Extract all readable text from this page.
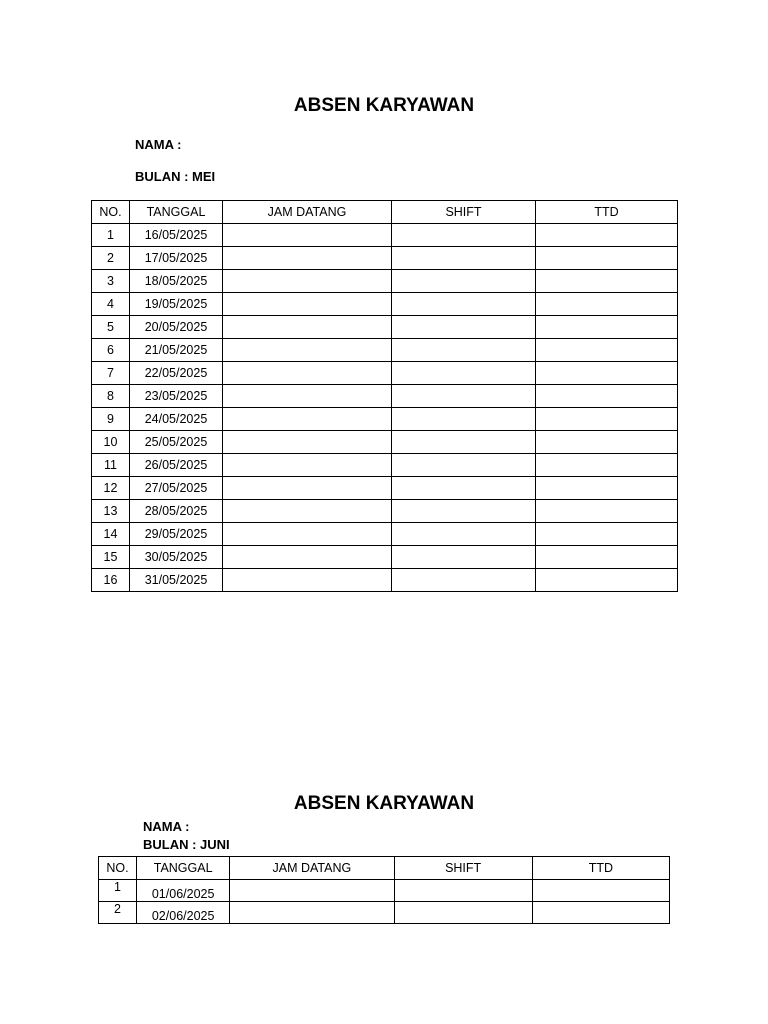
ABSEN KARYAWAN
NAMA :
BULAN : MEI
NO.	TANGGAL	JAM DATANG	SHIFT	TTD
1	16/05/2025			
2	17/05/2025			
3	18/05/2025			
4	19/05/2025			
5	20/05/2025			
6	21/05/2025			
7	22/05/2025			
8	23/05/2025			
9	24/05/2025			
10	25/05/2025			
11	26/05/2025			
12	27/05/2025			
13	28/05/2025			
14	29/05/2025			
15	30/05/2025			
16	31/05/2025			
ABSEN KARYAWAN
NAMA :
BULAN : JUNI
NO.	TANGGAL	JAM DATANG	SHIFT	TTD
1	01/06/2025			
2	02/06/2025			
